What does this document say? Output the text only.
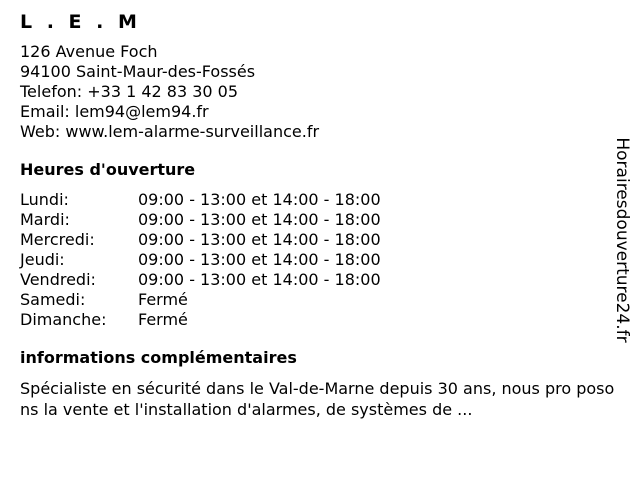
L . E . M
126 Avenue Foch
94100 Saint-Maur-des-Fossés
Telefon: +33 1 42 83 30 05
Email: lem94@lem94.fr
Web: www.lem-alarme-surveillance.fr
Heures d'ouverture
Lundi:	09:00 - 13:00 et 14:00 - 18:00
Mardi:	09:00 - 13:00 et 14:00 - 18:00
Mercredi:	09:00 - 13:00 et 14:00 - 18:00
Jeudi:	09:00 - 13:00 et 14:00 - 18:00
Vendredi:	09:00 - 13:00 et 14:00 - 18:00
Samedi:	Fermé
Dimanche:	Fermé
informations complémentaires
Spécialiste en sécurité dans le Val-de-Marne depuis 30 ans, nous pro posons la vente et l'installation d'alarmes, de systèmes de ...
Horairesdouverture24.fr
